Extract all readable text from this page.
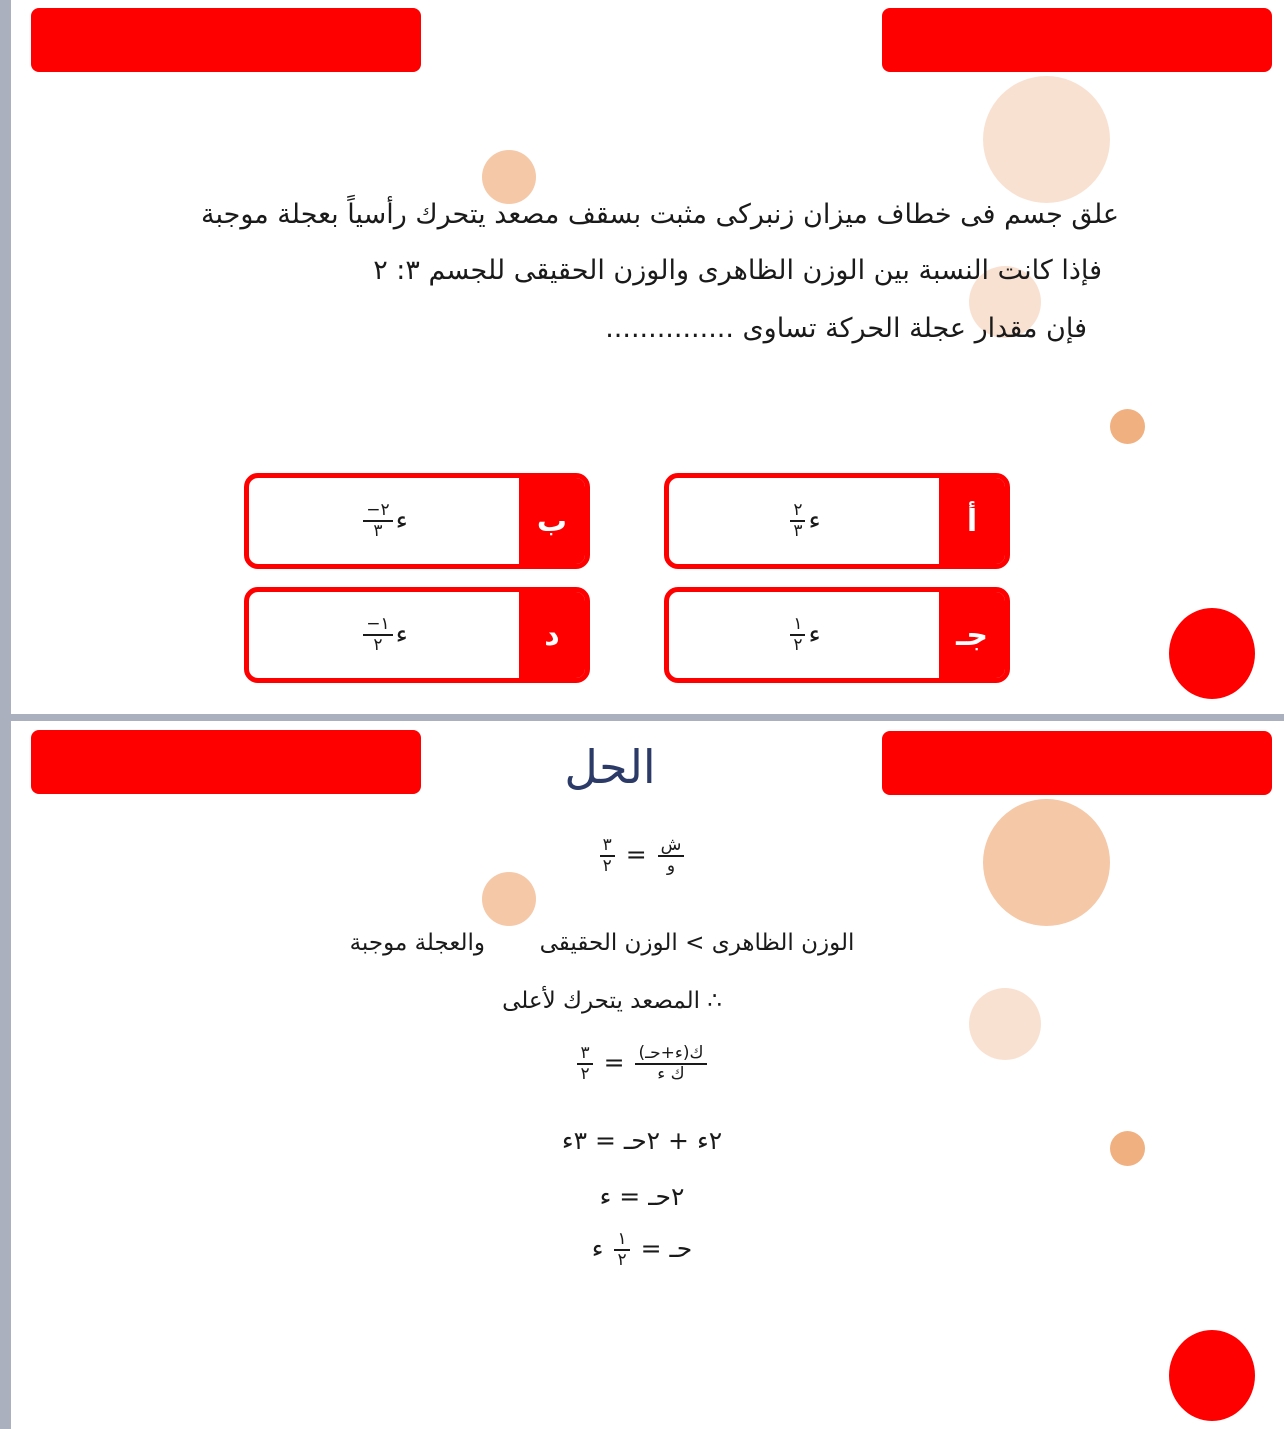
علق جسم فى خطاف ميزان زنبركى مثبت بسقف مصعد يتحرك رأسياً بعجلة موجبة
فإذا كانت النسبة بين الوزن الظاهرى والوزن الحقيقى للجسم ٣: ٢
فإن مقدار عجلة الحركة تساوى ...............
أ
$\frac{٢}{٣}$ ء
ب
$\frac{-٢}{٣}$ ء
جـ
$\frac{١}{٢}$ ء
د
$\frac{-١}{٢}$ ء
الحل
$\frac{٣}{٢} = \frac{\text{ش}}{\text{و}}$
الوزن الظاهرى > الوزن الحقيقى  والعجلة موجبة
∴ المصعد يتحرك لأعلى
$\frac{٣}{٢} = \frac{\text{ك(ء+حـ)}}{\text{ك ء}}$
٢ء + ٢حـ = ٣ء
٢حـ = ء
حـ =
$\frac{١}{٢}$
ء
